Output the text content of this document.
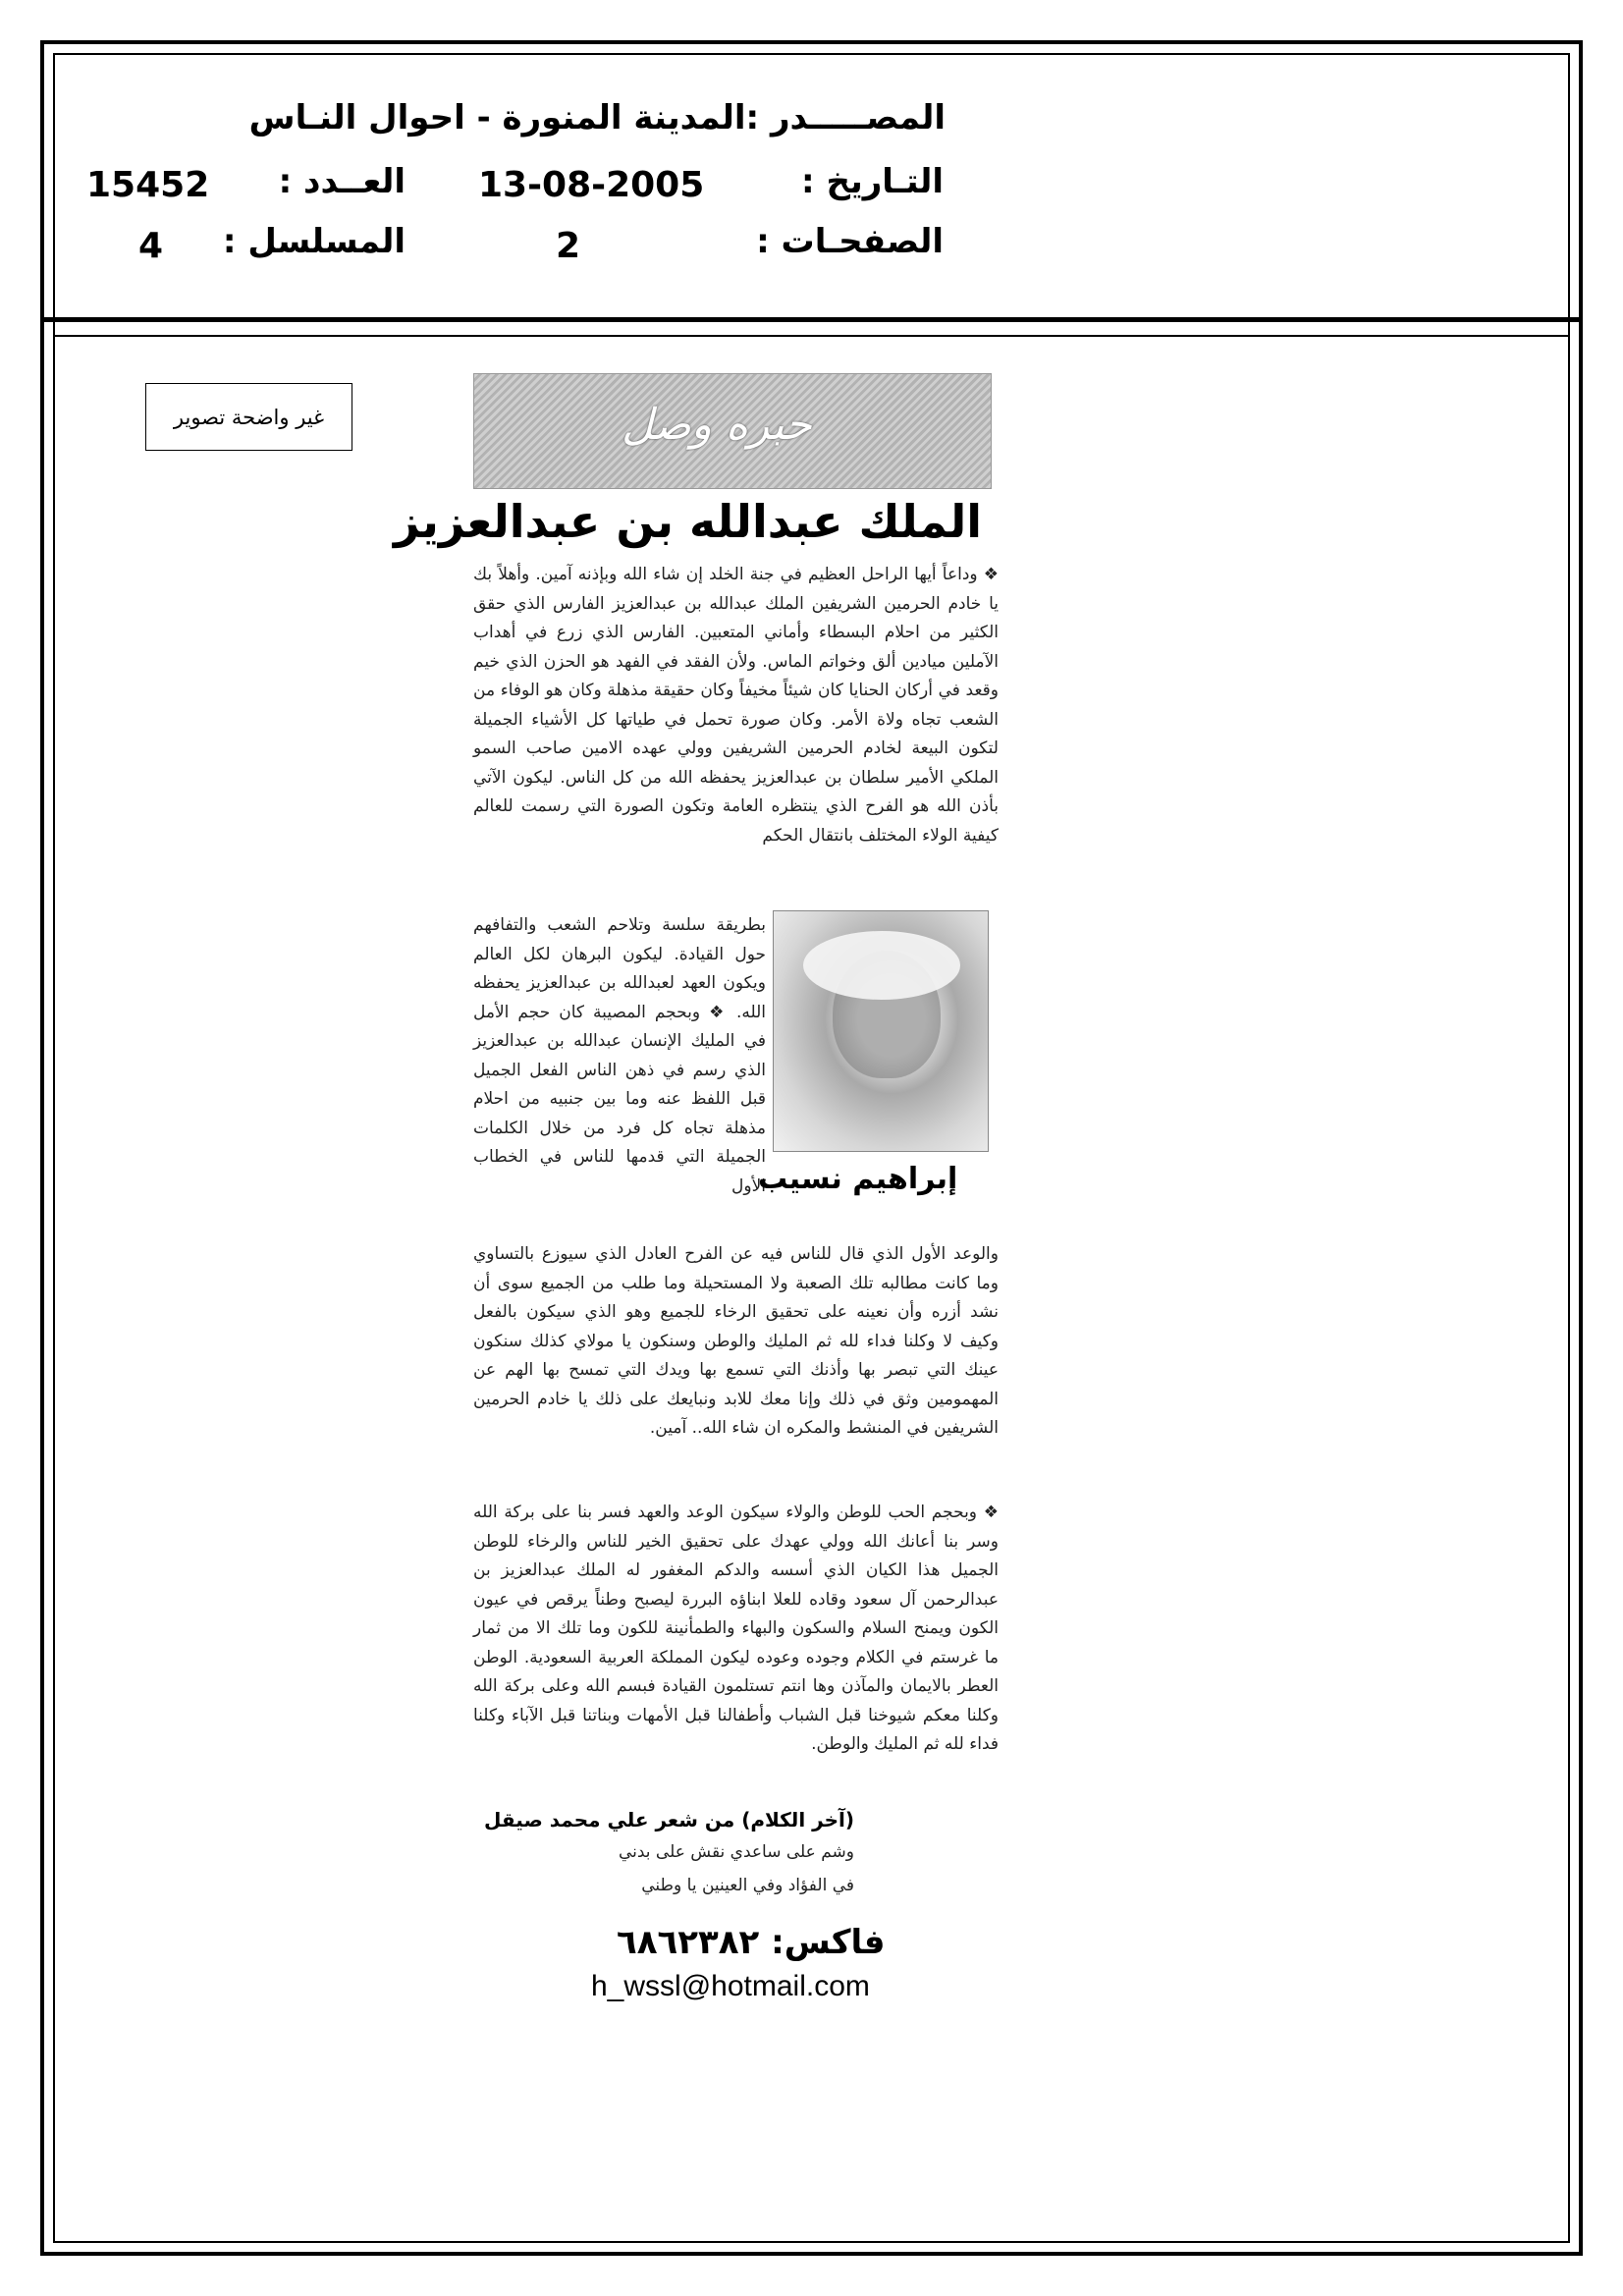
المصـــــدر :المدينة المنورة - احوال النـاس
التـاريخ :
13-08-2005
العــدد :
15452
الصفحـات :
2
المسلسل :
4
غير واضحة تصوير	حبره وصل
الملك عبدالله بن عبدالعزيز
❖ وداعاً أيها الراحل العظيم في جنة الخلد إن شاء الله وبإذنه آمين. وأهلاً بك يا خادم الحرمين الشريفين الملك عبدالله بن عبدالعزيز الفارس الذي حقق الكثير من احلام البسطاء وأماني المتعبين. الفارس الذي زرع في أهداب الآملين ميادين ألق وخواتم الماس. ولأن الفقد في الفهد هو الحزن الذي خيم وقعد في أركان الحنايا كان شيئاً مخيفاً وكان حقيقة مذهلة وكان هو الوفاء من الشعب تجاه ولاة الأمر. وكان صورة تحمل في طياتها كل الأشياء الجميلة لتكون البيعة لخادم الحرمين الشريفين وولي عهده الامين صاحب السمو الملكي الأمير سلطان بن عبدالعزيز يحفظه الله من كل الناس. ليكون الآتي بأذن الله هو الفرح الذي ينتظره العامة وتكون الصورة التي رسمت للعالم كيفية الولاء المختلف بانتقال الحكم
بطريقة سلسة وتلاحم الشعب والتفافهم حول القيادة. ليكون البرهان لكل العالم ويكون العهد لعبدالله بن عبدالعزيز يحفظه الله. ❖ وبحجم المصيبة كان حجم الأمل في المليك الإنسان عبدالله بن عبدالعزيز الذي رسم في ذهن الناس الفعل الجميل قبل اللفظ عنه وما بين جنبيه من احلام مذهلة تجاه كل فرد من خلال الكلمات الجميلة التي قدمها للناس في الخطاب الأول
إبراهيم نسيب
والوعد الأول الذي قال للناس فيه عن الفرح العادل الذي سيوزع بالتساوي وما كانت مطالبه تلك الصعبة ولا المستحيلة وما طلب من الجميع سوى أن نشد أزره وأن نعينه على تحقيق الرخاء للجميع وهو الذي سيكون بالفعل وكيف لا وكلنا فداء لله ثم المليك والوطن وسنكون يا مولاي كذلك سنكون عينك التي تبصر بها وأذنك التي تسمع بها ويدك التي تمسح بها الهم عن المهمومين وثق في ذلك وإنا معك للابد ونبايعك على ذلك يا خادم الحرمين الشريفين في المنشط والمكره ان شاء الله.. آمين.
❖ وبحجم الحب للوطن والولاء سيكون الوعد والعهد فسر بنا على بركة الله وسر بنا أعانك الله وولي عهدك على تحقيق الخير للناس والرخاء للوطن الجميل هذا الكيان الذي أسسه والدكم المغفور له الملك عبدالعزيز بن عبدالرحمن آل سعود وقاده للعلا ابناؤه البررة ليصبح وطناً يرقص في عيون الكون ويمنح السلام والسكون والبهاء والطمأنينة للكون وما تلك الا من ثمار ما غرستم في الكلام وجوده وعوده ليكون المملكة العربية السعودية. الوطن العطر بالايمان والمآذن وها انتم تستلمون القيادة فبسم الله وعلى بركة الله وكلنا معكم شيوخنا قبل الشباب وأطفالنا قبل الأمهات وبناتنا قبل الآباء وكلنا فداء لله ثم المليك والوطن.
(آخر الكلام) من شعر علي محمد صيقل
وشم على ساعدي نقش على بدني
في الفؤاد وفي العينين يا وطني
فاكس: ٦٨٦٢٣٨٢
h_wssl@hotmail.com
